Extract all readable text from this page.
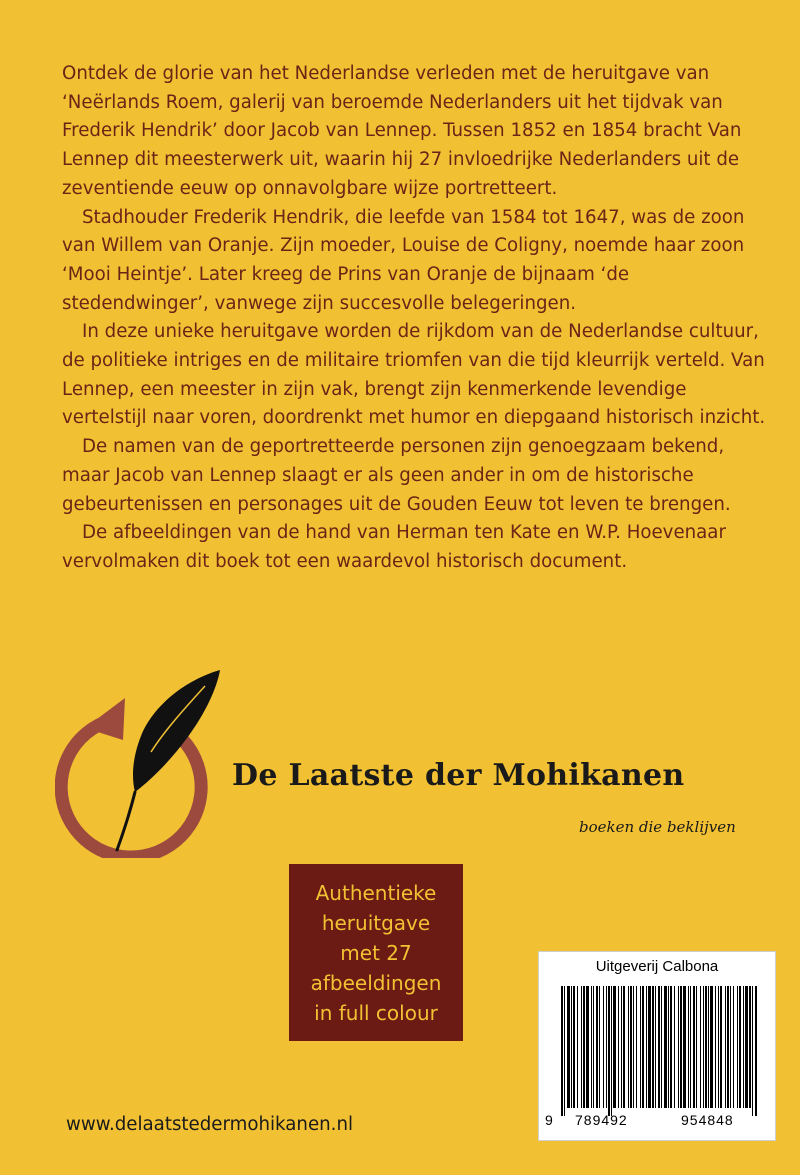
Ontdek de glorie van het Nederlandse verleden met de heruitgave van ‘Neërlands Roem, galerij van beroemde Nederlanders uit het tijdvak van Frederik Hendrik’ door Jacob van Lennep. Tussen 1852 en 1854 bracht Van Lennep dit meesterwerk uit, waarin hij 27 invloedrijke Nederlanders uit de zeventiende eeuw op onnavolgbare wijze portretteert.

Stadhouder Frederik Hendrik, die leefde van 1584 tot 1647, was de zoon van Willem van Oranje. Zijn moeder, Louise de Coligny, noemde haar zoon ‘Mooi Heintje’. Later kreeg de Prins van Oranje de bijnaam ‘de stedendwinger’, vanwege zijn succesvolle belegeringen.

In deze unieke heruitgave worden de rijkdom van de Nederlandse cultuur, de politieke intriges en de militaire triomfen van die tijd kleurrijk verteld. Van Lennep, een meester in zijn vak, brengt zijn kenmerkende levendige vertelstijl naar voren, doordrenkt met humor en diepgaand historisch inzicht.

De namen van de geportretteerde personen zijn genoegzaam bekend, maar Jacob van Lennep slaagt er als geen ander in om de historische gebeurtenissen en personages uit de Gouden Eeuw tot leven te brengen.

De afbeeldingen van de hand van Herman ten Kate en W.P. Hoevenaar vervolmaken dit boek tot een waardevol historisch document.

De Laatste der Mohikanen
boeken die beklijven
Authentieke
heruitgave
met 27
afbeeldingen
in full colour
Uitgeverij Calbona
9 789492	954848
www.delaatstedermohikanen.nl
